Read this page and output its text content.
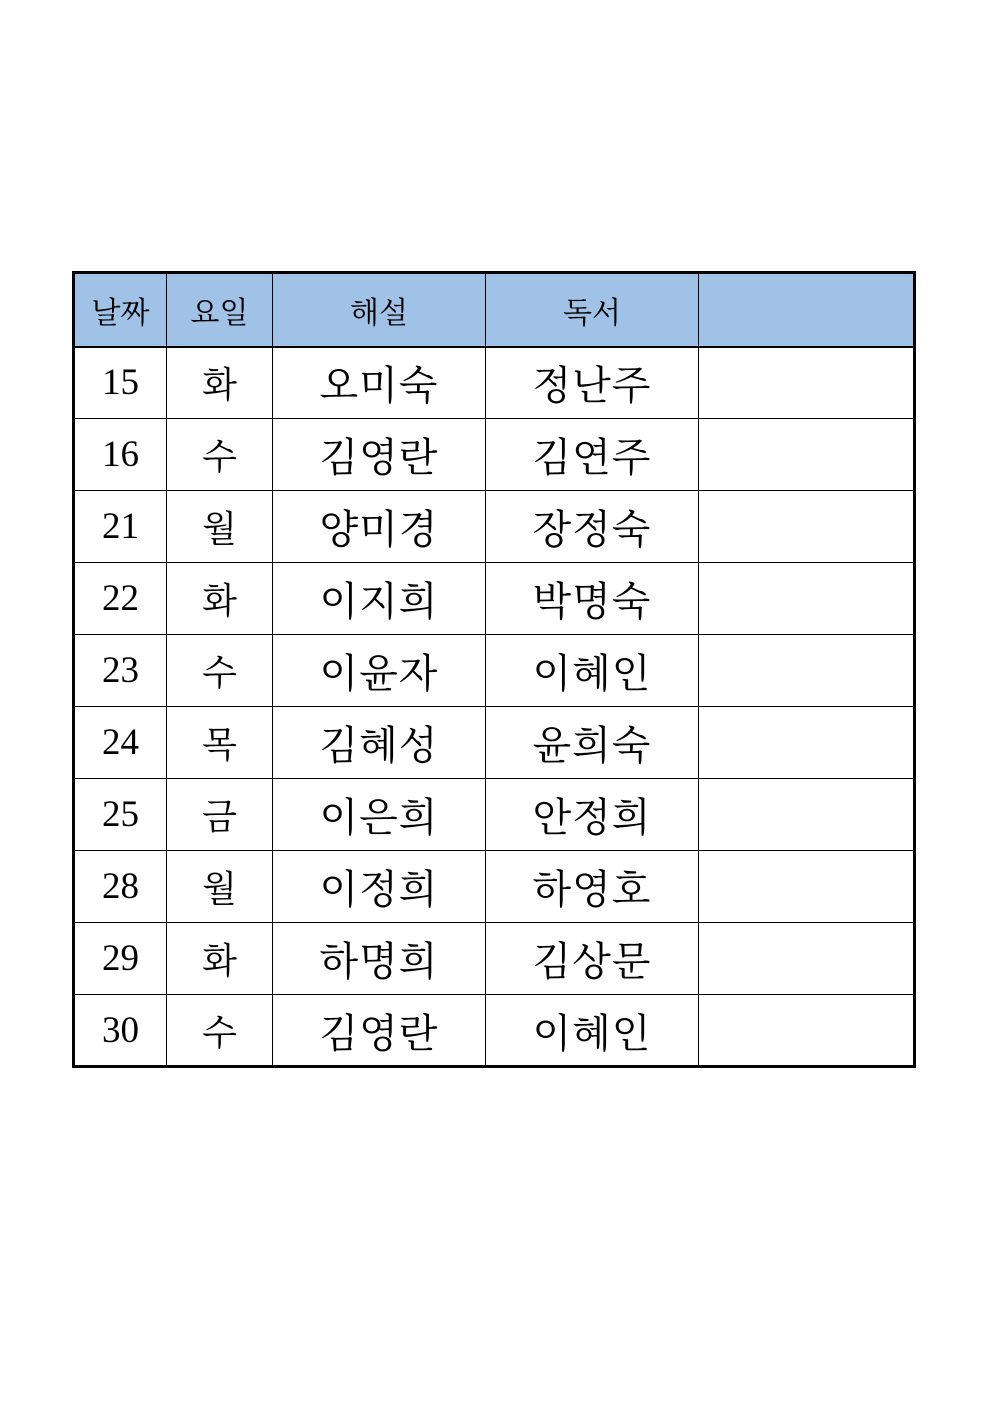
날짜	요일	해설	독서	
15	화	오미숙	정난주	
16	수	김영란	김연주	
21	월	양미경	장정숙	
22	화	이지희	박명숙	
23	수	이윤자	이혜인	
24	목	김혜성	윤희숙	
25	금	이은희	안정희	
28	월	이정희	하영호	
29	화	하명희	김상문	
30	수	김영란	이혜인	
